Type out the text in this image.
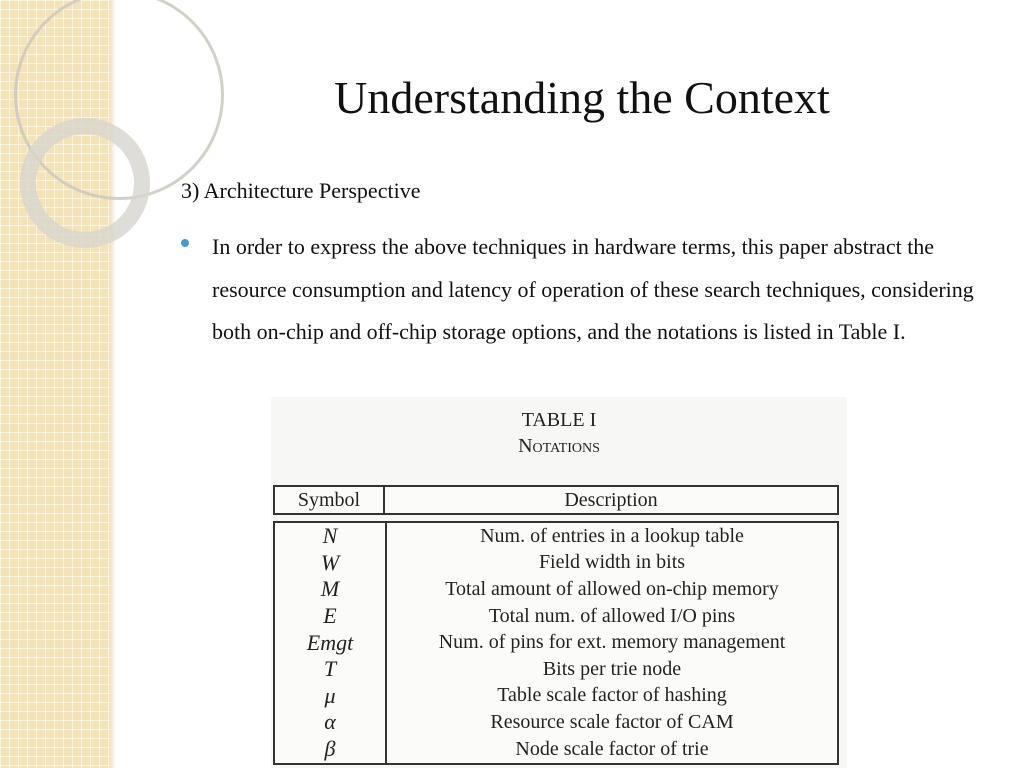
Understanding the Context
3) Architecture Perspective
In order to express the above techniques in hardware terms, this paper abstract the resource consumption and latency of operation of these search techniques, considering both on-chip and off-chip storage options, and the notations is listed in Table I.
TABLE I
Notations
Symbol	Description
N	Num. of entries in a lookup table
W	Field width in bits
M	Total amount of allowed on-chip memory
E	Total num. of allowed I/O pins
Emgt	Num. of pins for ext. memory management
T	Bits per trie node
μ	Table scale factor of hashing
α	Resource scale factor of CAM
β	Node scale factor of trie
